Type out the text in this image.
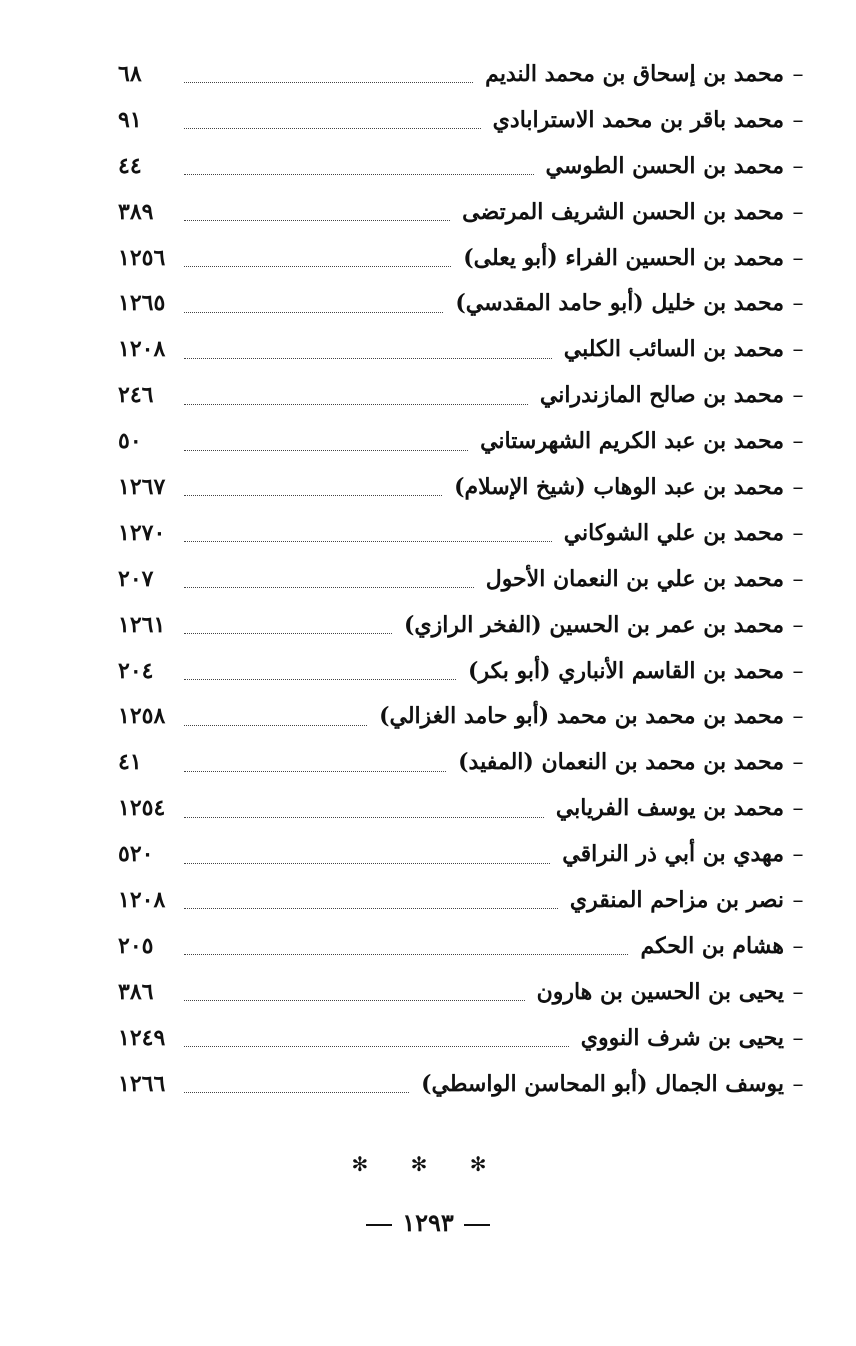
–
محمد بن إسحاق بن محمد النديم
٦٨
–
محمد باقر بن محمد الاسترابادي
٩١
–
محمد بن الحسن الطوسي
٤٤
–
محمد بن الحسن الشريف المرتضى
٣٨٩
–
محمد بن الحسين الفراء (أبو يعلى)
١٢٥٦
–
محمد بن خليل (أبو حامد المقدسي)
١٢٦٥
–
محمد بن السائب الكلبي
١٢٠٨
–
محمد بن صالح المازندراني
٢٤٦
–
محمد بن عبد الكريم الشهرستاني
٥٠
–
محمد بن عبد الوهاب (شيخ الإسلام)
١٢٦٧
–
محمد بن علي الشوكاني
١٢٧٠
–
محمد بن علي بن النعمان الأحول
٢٠٧
–
محمد بن عمر بن الحسين (الفخر الرازي)
١٢٦١
–
محمد بن القاسم الأنباري (أبو بكر)
٢٠٤
–
محمد بن محمد بن محمد (أبو حامد الغزالي)
١٢٥٨
–
محمد بن محمد بن النعمان (المفيد)
٤١
–
محمد بن يوسف الفريابي
١٢٥٤
–
مهدي بن أبي ذر النراقي
٥٢٠
–
نصر بن مزاحم المنقري
١٢٠٨
–
هشام بن الحكم
٢٠٥
–
يحيى بن الحسين بن هارون
٣٨٦
–
يحيى بن شرف النووي
١٢٤٩
–
يوسف الجمال (أبو المحاسن الواسطي)
١٢٦٦
✻ ✻ ✻
١٢٩٣
